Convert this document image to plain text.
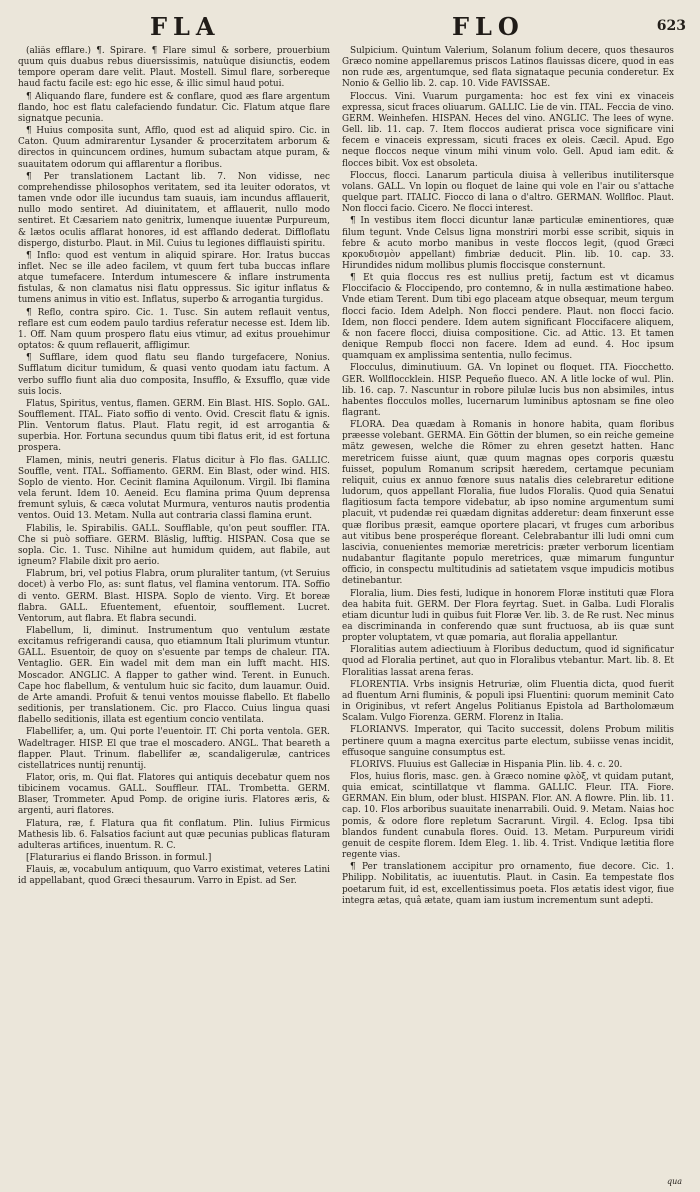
FLA	FLO	623

(aliâs efflare.) ¶. Spirare. ¶ Flare simul & sorbere, prouerbium quum quis duabus rebus diuersissimis, natuùque disiunctis, eodem tempore operam dare velit. Plaut. Mostell. Simul flare, sorbereque haud factu facile est: ego hic esse, & illic simul haud potui.

¶ Aliquando flare, fundere est & conflare, quod æs flare argentum flando, hoc est flatu calefaciendo fundatur. Cic. Flatum atque flare signatque pecunia.

¶ Huius composita sunt, Afflo, quod est ad aliquid spiro. Cic. in Caton. Quum admirarentur Lysander & procerzitatem arborum & directos in quincuncem ordines, humum subactam atque puram, & suauitatem odorum qui afflarentur a floribus.

¶ Per translationem Lactant lib. 7. Non vidisse, nec comprehendisse philosophos veritatem, sed ita leuiter odoratos, vt tamen vnde odor ille iucundus tam suauis, iam incundus afflauerit, nullo modo sentiret. Ad diuinitatem, et afflauerit, nullo modo sentiret. Et Cæsariem nato genitrix, lumenque iuuentæ Purpureum, & lætos oculis afflarat honores, id est afflando dederat. Diffloflatu dispergo, disturbo. Plaut. in Mil. Cuius tu legiones difflauisti spiritu.

¶ Inflo: quod est ventum in aliquid spirare. Hor. Iratus buccas inflet. Nec se ille adeo facilem, vt quum fert tuba buccas inflare atque tumefacere. Interdum intumescere & inflare instrumenta fistulas, & non clamatus nisi flatu oppressus. Sic igitur inflatus & tumens animus in vitio est. Inflatus, superbo & arrogantia turgidus.

¶ Reflo, contra spiro. Cic. 1. Tusc. Sin autem reflauit ventus, reflare est cum eodem paulo tardius referatur necesse est. Idem lib. 1. Off. Nam quum prospero flatu eius vtimur, ad exitus prouehimur optatos: & quum reflauerit, affligimur.

¶ Sufflare, idem quod flatu seu flando turgefacere, Nonius. Sufflatum dicitur tumidum, & quasi vento quodam iatu factum. A verbo sufflo fiunt alia duo composita, Insufflo, & Exsufflo, quæ vide suis locis.

Flatus, Spiritus, ventus, flamen. GERM. Ein Blast. HIS. Soplo. GAL. Soufflement. ITAL. Fiato soffio di vento. Ovid. Crescit flatu & ignis. Plin. Ventorum flatus. Plaut. Flatu regit, id est arrogantia & superbia. Hor. Fortuna secundus quum tibi flatus erit, id est fortuna prospera.

Flamen, minis, neutri generis. Flatus dicitur à Flo flas. GALLIC. Souffle, vent. ITAL. Soffiamento. GERM. Ein Blast, oder wind. HIS. Soplo de viento. Hor. Cecinit flamina Aquilonum. Virgil. Ibi flamina vela ferunt. Idem 10. Aeneid. Ecu flamina prima Quum deprensa fremunt syluis, & cæca volutat Murmura, venturos nautis prodentia ventos. Ouid 13. Metam. Nulla aut contraria classi flamina erunt.

Flabilis, le. Spirabilis. GALL. Soufflable, qu'on peut souffler. ITA. Che si può soffiare. GERM. Bläslig, lufftig. HISPAN. Cosa que se sopla. Cic. 1. Tusc. Nihilne aut humidum quidem, aut flabile, aut igneum? Flabile dixit pro aerio.

Flabrum, bri, vel potius Flabra, orum pluraliter tantum, (vt Seruius docet) à verbo Flo, as: sunt flatus, vel flamina ventorum. ITA. Soffio di vento. GERM. Blast. HISPA. Soplo de viento. Virg. Et boreæ flabra. GALL. Efuentement, efuentoir, soufflement. Lucret. Ventorum, aut flabra. Et flabra secundi.

Flabellum, li, diminut. Instrumentum quo ventulum æstate excitamus refrigerandi causa, quo etiamnum Itali plurimum vtuntur. GALL. Esuentoir, de quoy on s'esuente par temps de chaleur. ITA. Ventaglio. GER. Ein wadel mit dem man ein lufft macht. HIS. Moscador. ANGLIC. A flapper to gather wind. Terent. in Eunuch. Cape hoc flabellum, & ventulum huic sic facito, dum lauamur. Ouid. de Arte amandi. Profuit & tenui ventos mouisse flabello. Et flabello seditionis, per translationem. Cic. pro Flacco. Cuius lingua quasi flabello seditionis, illata est egentium concio ventilata.

Flabellifer, a, um. Qui porte l'euentoir. IT. Chi porta ventola. GER. Wadeltrager. HISP. El que trae el moscadero. ANGL. That beareth a flapper. Plaut. Trinum. flabellifer æ, scandaligerulæ, cantrices cistellatrices nuntij renuntij.

Flator, oris, m. Qui flat. Flatores qui antiquis decebatur quem nos tibicinem vocamus. GALL. Souffleur. ITAL. Trombetta. GERM. Blaser, Trommeter. Apud Pomp. de origine iuris. Flatores æris, & argenti, auri flatores.

Flatura, ræ, f. Flatura qua fit conflatum. Plin. Iulius Firmicus Mathesis lib. 6. Falsatios faciunt aut quæ pecunias publicas flaturam adulteras artifices, inuentum. R. C.

[Flaturarius ei flando Brisson. in formul.]

Flauis, æ, vocabulum antiquum, quo Varro existimat, veteres Latini id appellabant, quod Græci thesaurum. Varro in Epist. ad Ser.

Sulpicium. Quintum Valerium, Solanum folium decere, quos thesauros Græco nomine appellaremus priscos Latinos flauissas dicere, quod in eas non rude æs, argentumque, sed flata signataque pecunia conderetur. Ex Nonio & Gellio lib. 2. cap. 10. Vide FAVISSAE.

Floccus. Vini. Vuarum purgamenta: hoc est fex vini ex vinaceis expressa, sicut fraces oliuarum. GALLIC. Lie de vin. ITAL. Feccia de vino. GERM. Weinhefen. HISPAN. Heces del vino. ANGLIC. The lees of wyne. Gell. lib. 11. cap. 7. Item floccos audierat prisca voce significare vini fecem e vinaceis expressam, sicuti fraces ex oleis. Cæcil. Apud. Ego neque floccos neque vinum mihi vinum volo. Gell. Apud iam edit. & flocces bibit. Vox est obsoleta.

Floccus, flocci. Lanarum particula diuisa à velleribus inutilitersque volans. GALL. Vn lopin ou floquet de laine qui vole en l'air ou s'attache quelque part. ITALIC. Fiocco di lana o d'altro. GERMAN. Wollfloc. Plaut. Non flocci facio. Cicero. Ne flocci interest.

¶ In vestibus item flocci dicuntur lanæ particulæ eminentiores, quæ filum tegunt. Vnde Celsus ligna monstriri morbi esse scribit, siquis in febre & acuto morbo manibus in veste floccos legit, (quod Græci κροκυδισμὸν appellant) fimbriæ deducit. Plin. lib. 10. cap. 33. Hirundides nidum mollibus plumis floccisque consternunt.

¶ Et quia floccus res est nullius pretij, factum est vt dicamus Floccifacio & Floccipendo, pro contemno, & in nulla æstimatione habeo. Vnde etiam Terent. Dum tibi ego placeam atque obsequar, meum tergum flocci facio. Idem Adelph. Non flocci pendere. Plaut. non flocci facio. Idem, non flocci pendere. Idem autem significant Floccifacere aliquem, & non facere flocci, diuisa compositione. Cic. ad Attic. 13. Et tamen denique Rempub flocci non facere. Idem ad eund. 4. Hoc ipsum quamquam ex amplissima sententia, nullo fecimus.

Flocculus, diminutiuum. GA. Vn lopinet ou floquet. ITA. Fiocchetto. GER. Wollfloccklein. HISP. Pequeño flueco. AN. A litle locke of wul. Plin. lib. 16. cap. 7. Nascuntur in robore pilulæ lucis bus non absimiles, intus habentes flocculos molles, lucernarum luminibus aptosnam se fine oleo flagrant.

FLORA. Dea quædam à Romanis in honore habita, quam floribus præesse volebant. GERMA. Ein Göttin der blumen, so ein reiche gemeine mätz gewesen, welche die Römer zu ehren gesetzt hatten. Hanc meretricem fuisse aiunt, quæ quum magnas opes corporis quæstu fuisset, populum Romanum scripsit hæredem, certamque pecuniam reliquit, cuius ex annuo fœnore suus natalis dies celebraretur editione ludorum, quos appellant Floralia, fiue ludos Floralis. Quod quia Senatui flagitiosum facta tempore videbatur, ab ipso nomine argumentum sumi placuit, vt pudendæ rei quædam dignitas adderetur: deam finxerunt esse quæ floribus præsit, eamque oportere placari, vt fruges cum arboribus aut vitibus bene prosperéque floreant. Celebrabantur illi ludi omni cum lascivia, conuenientes memoriæ meretricis: præter verborum licentiam nudabantur flagitante populo meretrices, quæ mimarum funguntur officio, in conspectu multitudinis ad satietatem vsque impudicis motibus detinebantur.

Floralia, lium. Dies festi, ludique in honorem Floræ instituti quæ Flora dea habita fuit. GERM. Der Flora feyrtag. Suet. in Galba. Ludi Floralis etiam dicuntur ludi in quibus fuit Floræ Ver. lib. 3. de Re rust. Nec minus ea discriminanda in conferendo quæ sunt fructuosa, ab iis quæ sunt propter voluptatem, vt quæ pomaria, aut floralia appellantur.

Floralitias autem adiectiuum à Floribus deductum, quod id significatur quod ad Floralia pertinet, aut quo in Floralibus vtebantur. Mart. lib. 8. Et Floralitias lassat arena feras.

FLORENTIA. Vrbs insignis Hetruriæ, olim Fluentia dicta, quod fuerit ad fluentum Arni fluminis, & populi ipsi Fluentini: quorum meminit Cato in Originibus, vt refert Angelus Politianus Epistola ad Bartholomæum Scalam. Vulgo Fiorenza. GERM. Florenz in Italia.

FLORIANVS. Imperator, qui Tacito successit, dolens Probum militis pertinere quum a magna exercitus parte electum, subiisse venas incidit, effusoque sanguine consumptus est.

FLORIVS. Fluuius est Galleciæ in Hispania Plin. lib. 4. c. 20.

Flos, huius floris, masc. gen. à Græco nomine φλὸξ, vt quidam putant, quia emicat, scintillatque vt flamma. GALLIC. Fleur. ITA. Fiore. GERMAN. Ein blum, oder blust. HISPAN. Flor. AN. A flowre. Plin. lib. 11. cap. 10. Flos arboribus suauitate inenarrabili. Ouid. 9. Metam. Naias hoc pomis, & odore flore repletum Sacrarunt. Virgil. 4. Eclog. Ipsa tibi blandos fundent cunabula flores. Ouid. 13. Metam. Purpureum viridi genuit de cespite florem. Idem Eleg. 1. lib. 4. Trist. Vndique lætitia flore regente vias.

¶ Per translationem accipitur pro ornamento, fiue decore. Cic. 1. Philipp. Nobilitatis, ac iuuentutis. Plaut. in Casin. Ea tempestate flos poetarum fuit, id est, excellentissimus poeta. Flos ætatis idest vigor, fiue integra ætas, quâ ætate, quam iam iustum incrementum sunt adepti.

qua
